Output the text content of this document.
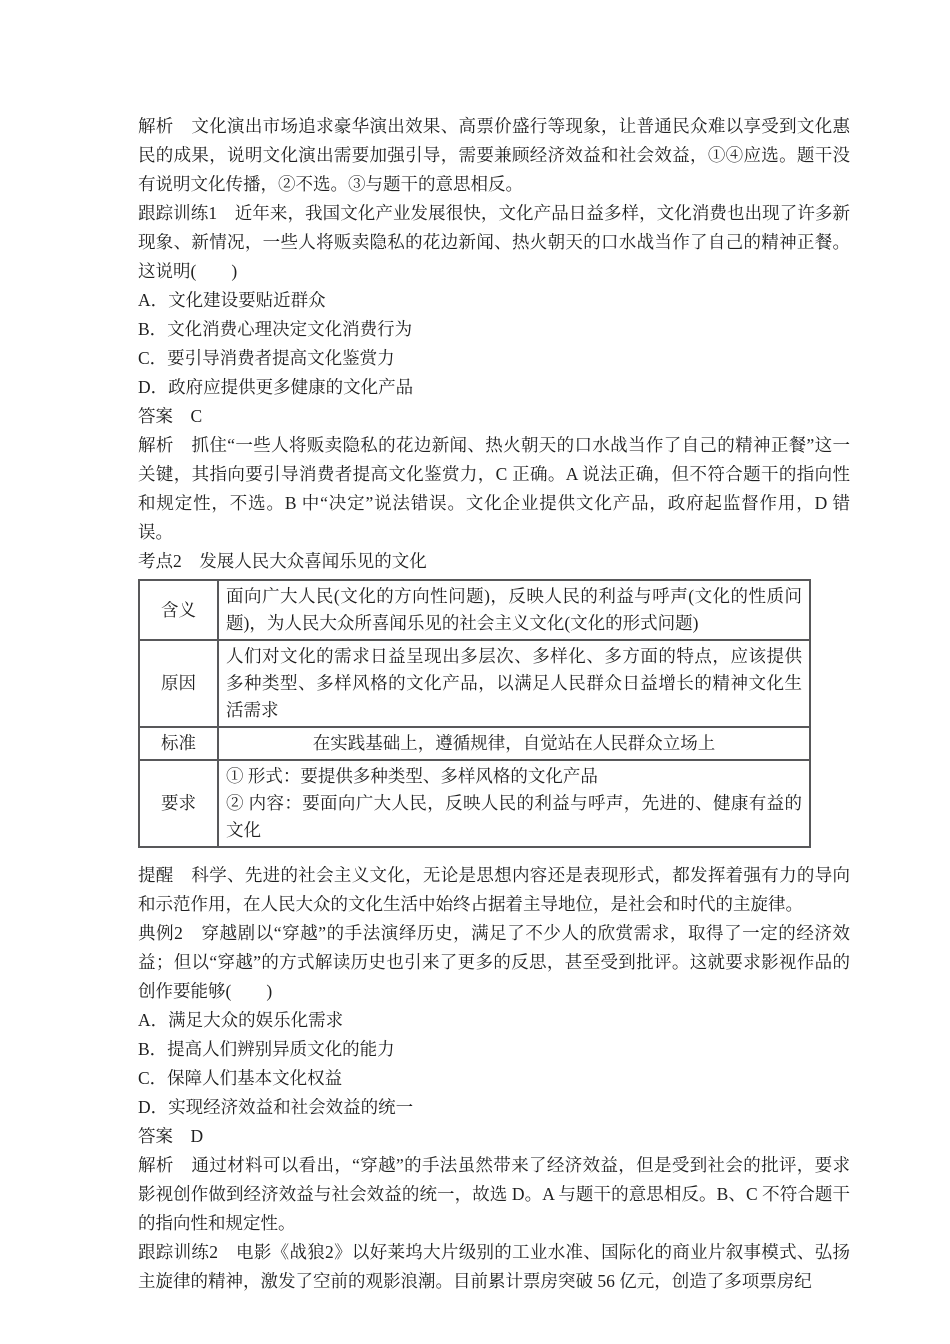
解析　文化演出市场追求豪华演出效果、高票价盛行等现象，让普通民众难以享受到文化惠民的成果，说明文化演出需要加强引导，需要兼顾经济效益和社会效益，①④应选。题干没有说明文化传播，②不选。③与题干的意思相反。

跟踪训练1　近年来，我国文化产业发展很快，文化产品日益多样，文化消费也出现了许多新现象、新情况，一些人将贩卖隐私的花边新闻、热火朝天的口水战当作了自己的精神正餐。这说明(　　)

A．文化建设要贴近群众
B．文化消费心理决定文化消费行为
C．要引导消费者提高文化鉴赏力
D．政府应提供更多健康的文化产品
答案　C

解析　抓住“一些人将贩卖隐私的花边新闻、热火朝天的口水战当作了自己的精神正餐”这一关键，其指向要引导消费者提高文化鉴赏力，C 正确。A 说法正确，但不符合题干的指向性和规定性，不选。B 中“决定”说法错误。文化企业提供文化产品，政府起监督作用，D 错误。

考点2　发展人民大众喜闻乐见的文化
含义	面向广大人民(文化的方向性问题)，反映人民的利益与呼声(文化的性质问题)，为人民大众所喜闻乐见的社会主义文化(文化的形式问题)
原因	人们对文化的需求日益呈现出多层次、多样化、多方面的特点，应该提供多种类型、多样风格的文化产品，以满足人民群众日益增长的精神文化生活需求
标准	在实践基础上，遵循规律，自觉站在人民群众立场上
要求	① 形式：要提供多种类型、多样风格的文化产品
② 内容：要面向广大人民，反映人民的利益与呼声，先进的、健康有益的文化

提醒　科学、先进的社会主义文化，无论是思想内容还是表现形式，都发挥着强有力的导向和示范作用，在人民大众的文化生活中始终占据着主导地位，是社会和时代的主旋律。

典例2　穿越剧以“穿越”的手法演绎历史，满足了不少人的欣赏需求，取得了一定的经济效益；但以“穿越”的方式解读历史也引来了更多的反思，甚至受到批评。这就要求影视作品的创作要能够(　　)

A．满足大众的娱乐化需求
B．提高人们辨别异质文化的能力
C．保障人们基本文化权益
D．实现经济效益和社会效益的统一
答案　D

解析　通过材料可以看出，“穿越”的手法虽然带来了经济效益，但是受到社会的批评，要求影视创作做到经济效益与社会效益的统一，故选 D。A 与题干的意思相反。B、C 不符合题干的指向性和规定性。

跟踪训练2　电影《战狼2》以好莱坞大片级别的工业水准、国际化的商业片叙事模式、弘扬主旋律的精神，激发了空前的观影浪潮。目前累计票房突破 56 亿元，创造了多项票房纪
